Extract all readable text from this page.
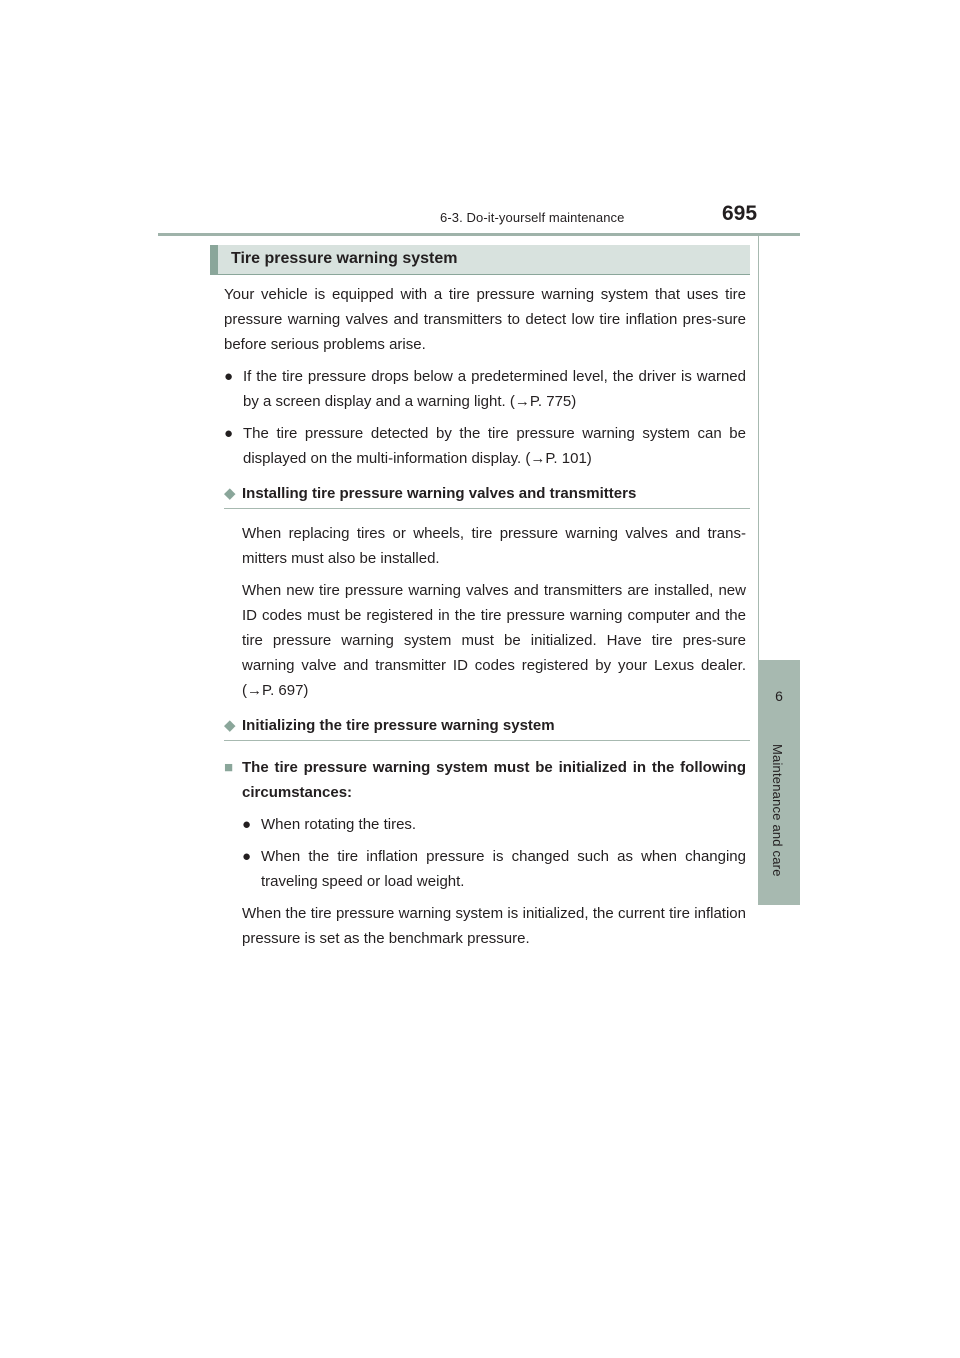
6-3. Do-it-yourself maintenance	695
6
Maintenance and care
Tire pressure warning system

Your vehicle is equipped with a tire pressure warning system that uses tire pressure warning valves and transmitters to detect low tire inflation pres-sure before serious problems arise.

● If the tire pressure drops below a predetermined level, the driver is warned by a screen display and a warning light. (→P. 775)
● The tire pressure detected by the tire pressure warning system can be displayed on the multi-information display. (→P. 101)
◆ Installing tire pressure warning valves and transmitters

When replacing tires or wheels, tire pressure warning valves and trans-mitters must also be installed.

When new tire pressure warning valves and transmitters are installed, new ID codes must be registered in the tire pressure warning computer and the tire pressure warning system must be initialized. Have tire pres-sure warning valve and transmitter ID codes registered by your Lexus dealer. (→P. 697)

◆ Initializing the tire pressure warning system
■ The tire pressure warning system must be initialized in the following circumstances:
● When rotating the tires.
● When the tire inflation pressure is changed such as when changing traveling speed or load weight.

When the tire pressure warning system is initialized, the current tire inflation pressure is set as the benchmark pressure.
